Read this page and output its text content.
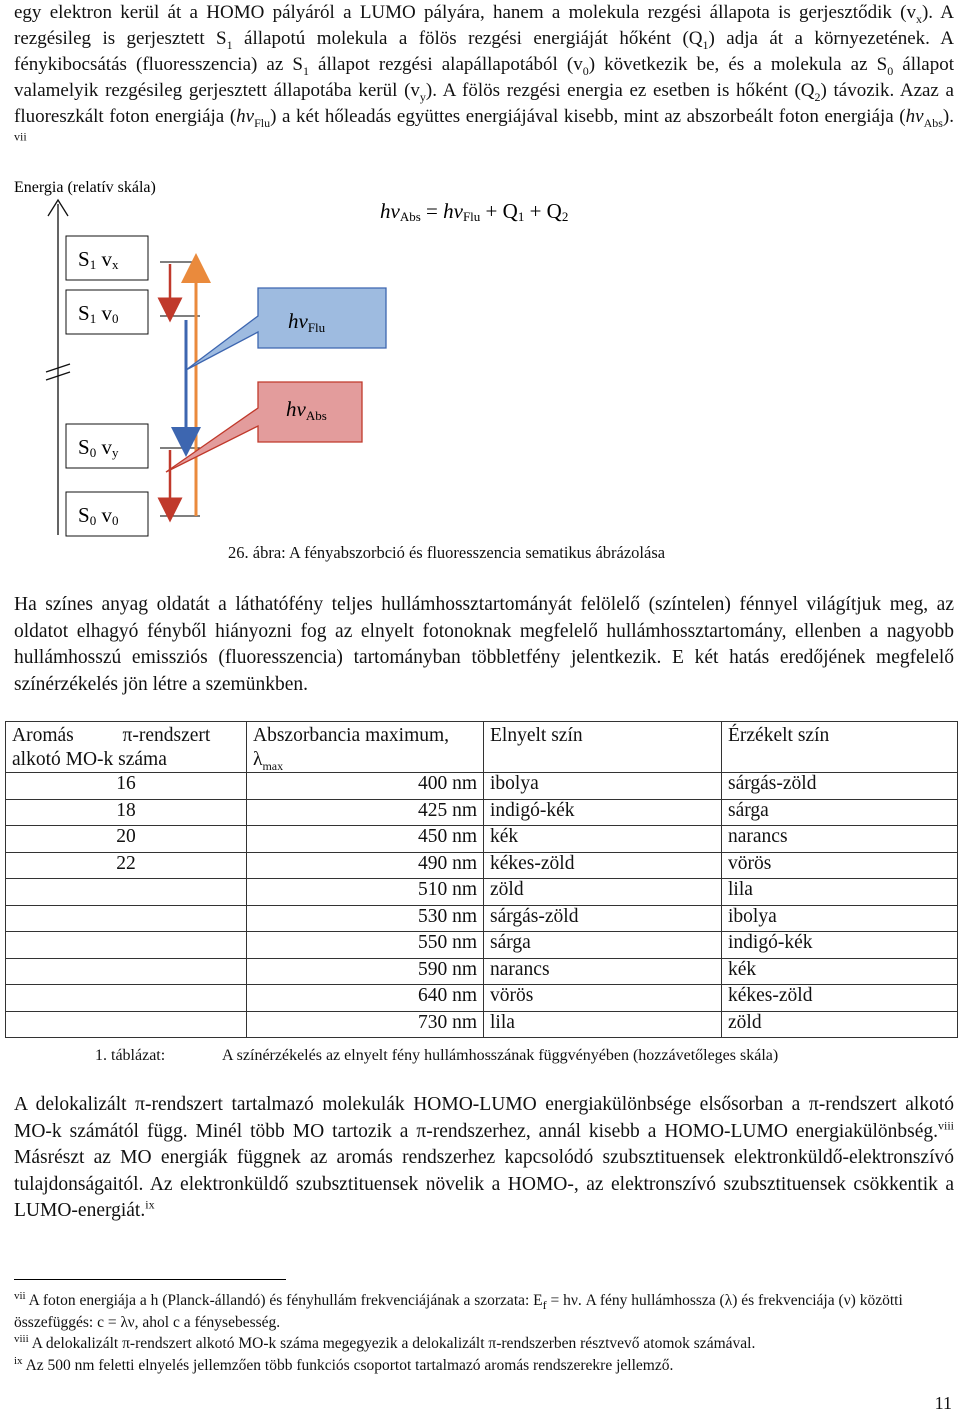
egy elektron kerül át a HOMO pályáról a LUMO pályára, hanem a molekula rezgési állapota is gerjesztődik $(v_x)$. A rezgésileg is gerjesztett $S_1$ állapotú molekula a fölös rezgési energiáját hőként $(Q_1)$ adja át a környezetének. A fénykibocsátás (fluoresszencia) az $S_1$ állapot rezgési alapállapotából $(v_0)$ következik be, és a molekula az $S_0$ állapot valamelyik rezgésileg gerjesztett állapotába kerül $(v_y)$. A fölös rezgési energia ez esetben is hőként $(Q_2)$ távozik. Azaz a fluoreszkált foton energiája $(h\nu_{Flu})$ a két hőleadás együttes energiájával kisebb, mint az abszorbeált foton energiája $(h\nu_{Abs})$. $^{vii}$
Energia (relatív skála)
hνAbs = hνFlu + Q1 + Q2
S1 vx
S1 v0
S0 vy
S0 v0
hνFlu
hνAbs
26. ábra: A fényabszorbció és fluoresszencia sematikus ábrázolása
Ha színes anyag oldatát a láthatófény teljes hullámhossztartományát felölelő (színtelen) fénnyel világítjuk meg, az oldatot elhagyó fényből hiányozni fog az elnyelt fotonoknak megfelelő hullámhossztartomány, ellenben a nagyobb hullámhosszú emissziós (fluoresszencia) tartományban többletfény jelentkezik. E két hatás eredőjének megfelelő színérzékelés jön létre a szemünkben.
Aromás          π-rendszert alkotó MO-k száma	Abszorbancia maximum, $\lambda_{max}$	Elnyelt szín	Érzékelt szín
16	400 nm	ibolya	sárgás-zöld
18	425 nm	indigó-kék	sárga
20	450 nm	kék	narancs
22	490 nm	kékes-zöld	vörös
	510 nm	zöld	lila
	530 nm	sárgás-zöld	ibolya
	550 nm	sárga	indigó-kék
	590 nm	narancs	kék
	640 nm	vörös	kékes-zöld
	730 nm	lila	zöld
1. táblázat:	A színérzékelés az elnyelt fény hullámhosszának függvényében (hozzávetőleges skála)
A delokalizált π-rendszert tartalmazó molekulák HOMO-LUMO energiakülönbsége elsősorban a π-rendszert alkotó MO-k számától függ. Minél több MO tartozik a π-rendszerhez, annál kisebb a HOMO-LUMO energiakülönbség.$^{viii}$ Másrészt az MO energiák függnek az aromás rendszerhez kapcsolódó szubsztituensek elektronküldő-elektronszívó tulajdonságaitól. Az elektronküldő szubsztituensek növelik a HOMO-, az elektronszívó szubsztituensek csökkentik a LUMO-energiát.$^{ix}$
$^{vii}$ A foton energiája a h (Planck-állandó) és fényhullám frekvenciájának a szorzata: $E_f = h\nu$. A fény hullámhossza (λ) és frekvenciája (ν) közötti összefüggés: c = λν, ahol c a fénysebesség.
$^{viii}$ A delokalizált π-rendszert alkotó MO-k száma megegyezik a delokalizált π-rendszerben résztvevő atomok számával.
$^{ix}$ Az 500 nm feletti elnyelés jellemzően több funkciós csoportot tartalmazó aromás rendszerekre jellemző.
11
